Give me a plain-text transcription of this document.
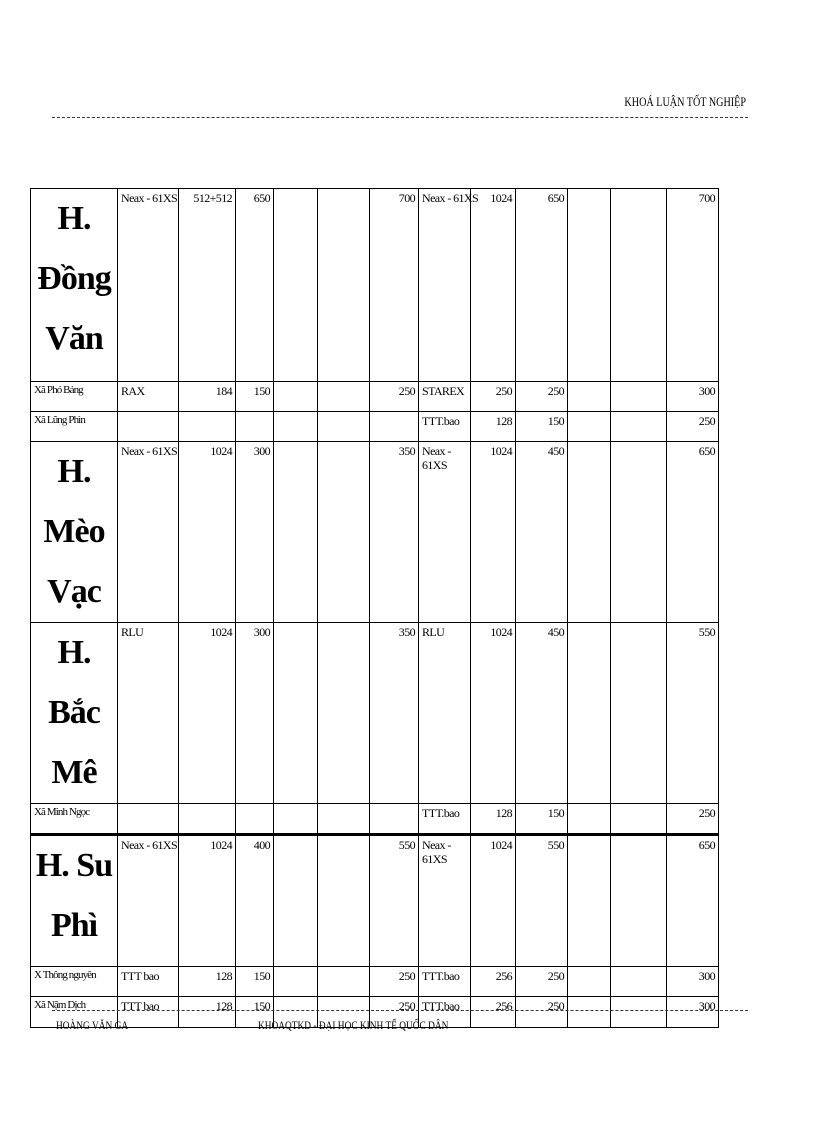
KHOÁ LUẬN TỐT NGHIỆP
H. Đồng Văn	Neax - 61XS	512+512	650			700	Neax - 61XS	1024	650			700
Xã Phó Bảng	RAX	184	150			250	STAREX	250	250			300
Xã Lũng Phìn							TTT.bao	128	150			250
H. Mèo Vạc	Neax - 61XS	1024	300			350	Neax - 61XS	1024	450			650
H. Bắc Mê	RLU	1024	300			350	RLU	1024	450			550
Xã Minh Ngọc							TTT.bao	128	150			250
H. Su Phì	Neax - 61XS	1024	400			550	Neax - 61XS	1024	550			650
X Thông nguyên	TTT bao	128	150			250	TTT.bao	256	250			300
Xã Nậm Dịch	TTT bao	128	150			250	TTT.bao	256	250			300
HOÀNG VĂN GA	KHOAQTKD - ĐẠI HỌC KINH TẾ QUỐC DÂN
